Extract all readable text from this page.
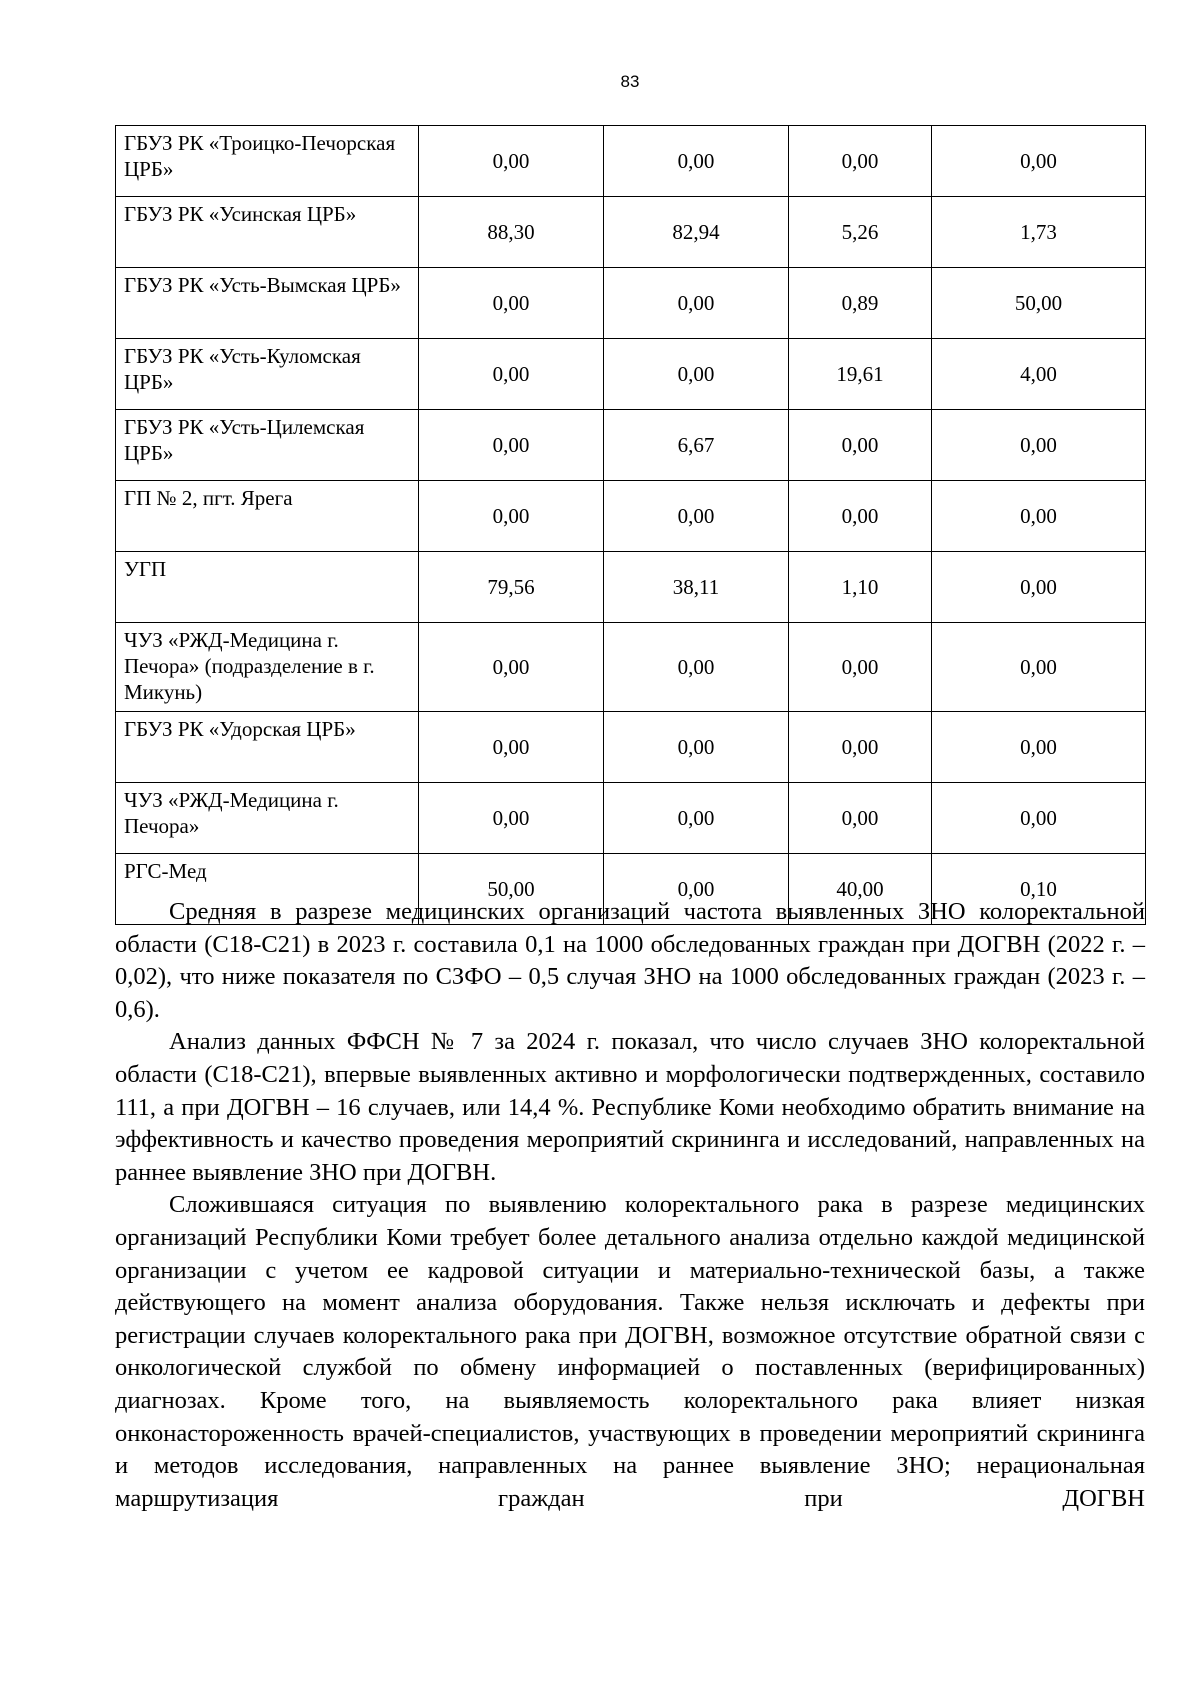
83
ГБУЗ РК «Троицко-Печорская ЦРБ»	0,00	0,00	0,00	0,00
ГБУЗ РК «Усинская ЦРБ»	88,30	82,94	5,26	1,73
ГБУЗ РК «Усть-Вымская ЦРБ»	0,00	0,00	0,89	50,00
ГБУЗ РК «Усть-Куломская ЦРБ»	0,00	0,00	19,61	4,00
ГБУЗ РК «Усть-Цилемская ЦРБ»	0,00	6,67	0,00	0,00
ГП № 2, пгт. Ярега	0,00	0,00	0,00	0,00
УГП	79,56	38,11	1,10	0,00
ЧУЗ «РЖД-Медицина г. Печора» (подразделение в г. Микунь)	0,00	0,00	0,00	0,00
ГБУЗ РК «Удорская ЦРБ»	0,00	0,00	0,00	0,00
ЧУЗ «РЖД-Медицина г. Печора»	0,00	0,00	0,00	0,00
РГС-Мед	50,00	0,00	40,00	0,10

Средняя в разрезе медицинских организаций частота выявленных ЗНО колоректальной области (С18-С21) в 2023 г. составила 0,1 на 1000 обследованных граждан при ДОГВН (2022 г. – 0,02), что ниже показателя по СЗФО – 0,5 случая ЗНО на 1000 обследованных граждан (2023 г. – 0,6).

Анализ данных ФФСН № 7 за 2024 г. показал, что число случаев ЗНО колоректальной области (С18-С21), впервые выявленных активно и морфологически подтвержденных, составило 111, а при ДОГВН – 16 случаев, или 14,4 %. Республике Коми необходимо обратить внимание на эффективность и качество проведения мероприятий скрининга и исследований, направленных на раннее выявление ЗНО при ДОГВН.

Сложившаяся ситуация по выявлению колоректального рака в разрезе медицинских организаций Республики Коми требует более детального анализа отдельно каждой медицинской организации с учетом ее кадровой ситуации и материально-технической базы, а также действующего на момент анализа оборудования. Также нельзя исключать и дефекты при регистрации случаев колоректального рака при ДОГВН, возможное отсутствие обратной связи с онкологической службой по обмену информацией о поставленных (верифицированных) диагнозах. Кроме того, на выявляемость колоректального рака влияет низкая онконастороженность врачей-специалистов, участвующих в проведении мероприятий скрининга и методов исследования, направленных на раннее выявление ЗНО; нерациональная маршрутизация граждан при ДОГВН
